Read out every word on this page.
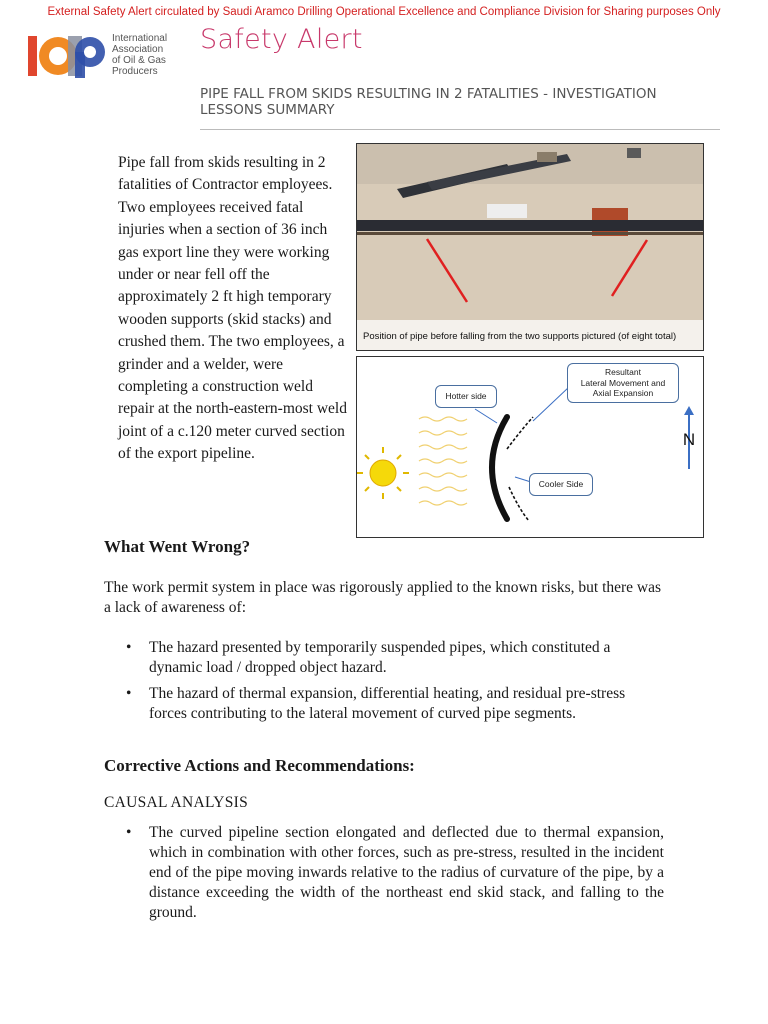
External Safety Alert circulated by Saudi Aramco Drilling Operational Excellence and Compliance Division for Sharing purposes Only
International
Association
of Oil & Gas
Producers
Safety Alert
PIPE FALL FROM SKIDS RESULTING IN 2 FATALITIES - INVESTIGATION LESSONS SUMMARY
Pipe fall from skids resulting in 2 fatalities of Contractor employees. Two employees received fatal injuries when a section of 36 inch gas export line they were working under or near fell off the approximately 2 ft high temporary wooden supports (skid stacks) and crushed them. The two employees, a grinder and a welder, were completing a construction weld repair at the north-eastern-most weld joint of a c.120 meter curved section of the export pipeline.
Position of pipe before falling from the two supports pictured (of eight total)
N
Hotter side
Resultant
Lateral Movement and
Axial Expansion
Cooler Side
What Went Wrong?
The work permit system in place was rigorously applied to the known risks, but there was a lack of awareness of:
• The hazard presented by temporarily suspended pipes, which constituted a dynamic load / dropped object hazard.
• The hazard of thermal expansion, differential heating, and residual pre-stress forces contributing to the lateral movement of curved pipe segments.
Corrective Actions and Recommendations:
CAUSAL ANALYSIS
• The curved pipeline section elongated and deflected due to thermal expansion, which in combination with other forces, such as pre-stress, resulted in the incident end of the pipe moving inwards relative to the radius of curvature of the pipe, by a distance exceeding the width of the northeast end skid stack, and falling to the ground.
